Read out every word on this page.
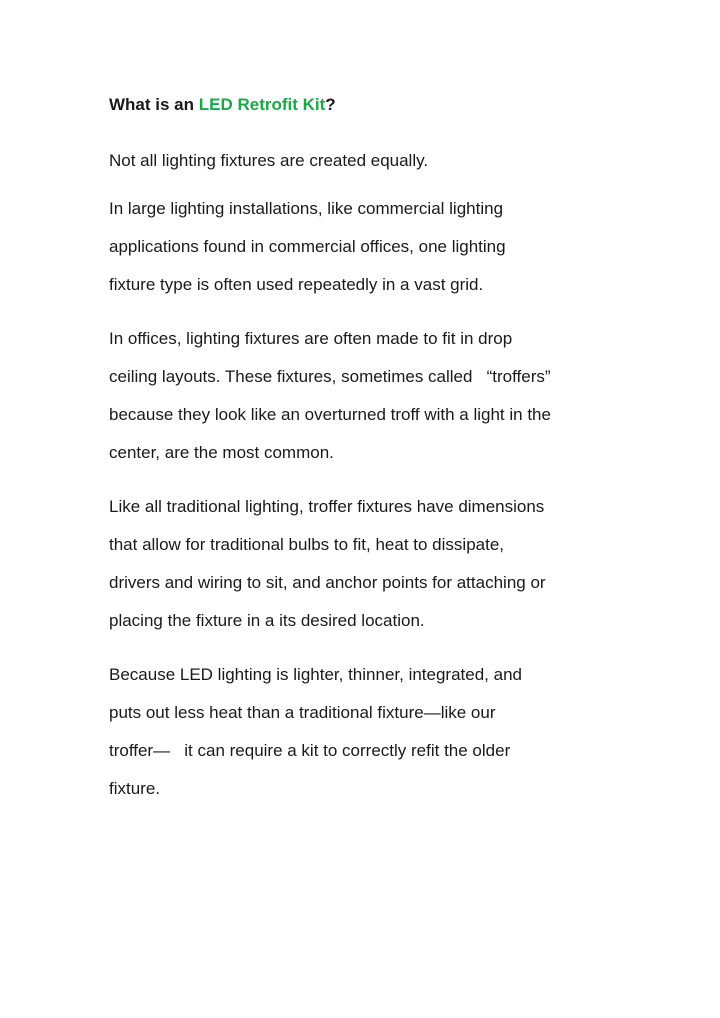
What is an LED Retrofit Kit?

Not all lighting fixtures are created equally.

In large lighting installations, like commercial lighting
applications found in commercial offices, one lighting
fixture type is often used repeatedly in a vast grid.

In offices, lighting fixtures are often made to fit in drop
ceiling layouts. These fixtures, sometimes called   “troffers”
because they look like an overturned troff with a light in the
center, are the most common.

Like all traditional lighting, troffer fixtures have dimensions
that allow for traditional bulbs to fit, heat to dissipate,
drivers and wiring to sit, and anchor points for attaching or
placing the fixture in a its desired location.

Because LED lighting is lighter, thinner, integrated, and
puts out less heat than a traditional fixture—like our
troffer—   it can require a kit to correctly refit the older
fixture.
